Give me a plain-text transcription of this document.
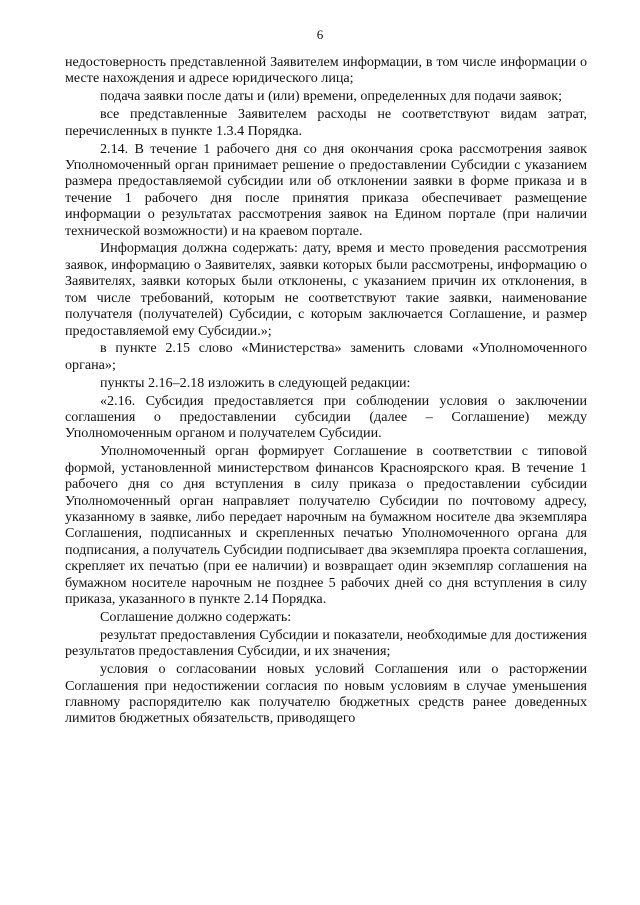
6

недостоверность представленной Заявителем информации, в том числе информации о месте нахождения и адресе юридического лица;

подача заявки после даты и (или) времени, определенных для подачи заявок;

все представленные Заявителем расходы не соответствуют видам затрат, перечисленных в пункте 1.3.4 Порядка.

2.14. В течение 1 рабочего дня со дня окончания срока рассмотрения заявок Уполномоченный орган принимает решение о предоставлении Субсидии с указанием размера предоставляемой субсидии или об отклонении заявки в форме приказа и в течение 1 рабочего дня после принятия приказа обеспечивает размещение информации о результатах рассмотрения заявок на Едином портале (при наличии технической возможности) и на краевом портале.

Информация должна содержать: дату, время и место проведения рассмотрения заявок, информацию о Заявителях, заявки которых были рассмотрены, информацию о Заявителях, заявки которых были отклонены, с указанием причин их отклонения, в том числе требований, которым не соответствуют такие заявки, наименование получателя (получателей) Субсидии, с которым заключается Соглашение, и размер предоставляемой ему Субсидии.»;

в пункте 2.15 слово «Министерства» заменить словами «Уполномоченного органа»;

пункты 2.16–2.18 изложить в следующей редакции:

«2.16. Субсидия предоставляется при соблюдении условия о заключении соглашения о предоставлении субсидии (далее – Соглашение) между Уполномоченным органом и получателем Субсидии.

Уполномоченный орган формирует Соглашение в соответствии с типовой формой, установленной министерством финансов Красноярского края. В течение 1 рабочего дня со дня вступления в силу приказа о предоставлении субсидии Уполномоченный орган направляет получателю Субсидии по почтовому адресу, указанному в заявке, либо передает нарочным на бумажном носителе два экземпляра Соглашения, подписанных и скрепленных печатью Уполномоченного органа для подписания, а получатель Субсидии подписывает два экземпляра проекта соглашения, скрепляет их печатью (при ее наличии) и возвращает один экземпляр соглашения на бумажном носителе нарочным не позднее 5 рабочих дней со дня вступления в силу приказа, указанного в пункте 2.14 Порядка.

Соглашение должно содержать:

результат предоставления Субсидии и показатели, необходимые для достижения результатов предоставления Субсидии, и их значения;

условия о согласовании новых условий Соглашения или о расторжении Соглашения при недостижении согласия по новым условиям в случае уменьшения главному распорядителю как получателю бюджетных средств ранее доведенных лимитов бюджетных обязательств, приводящего
